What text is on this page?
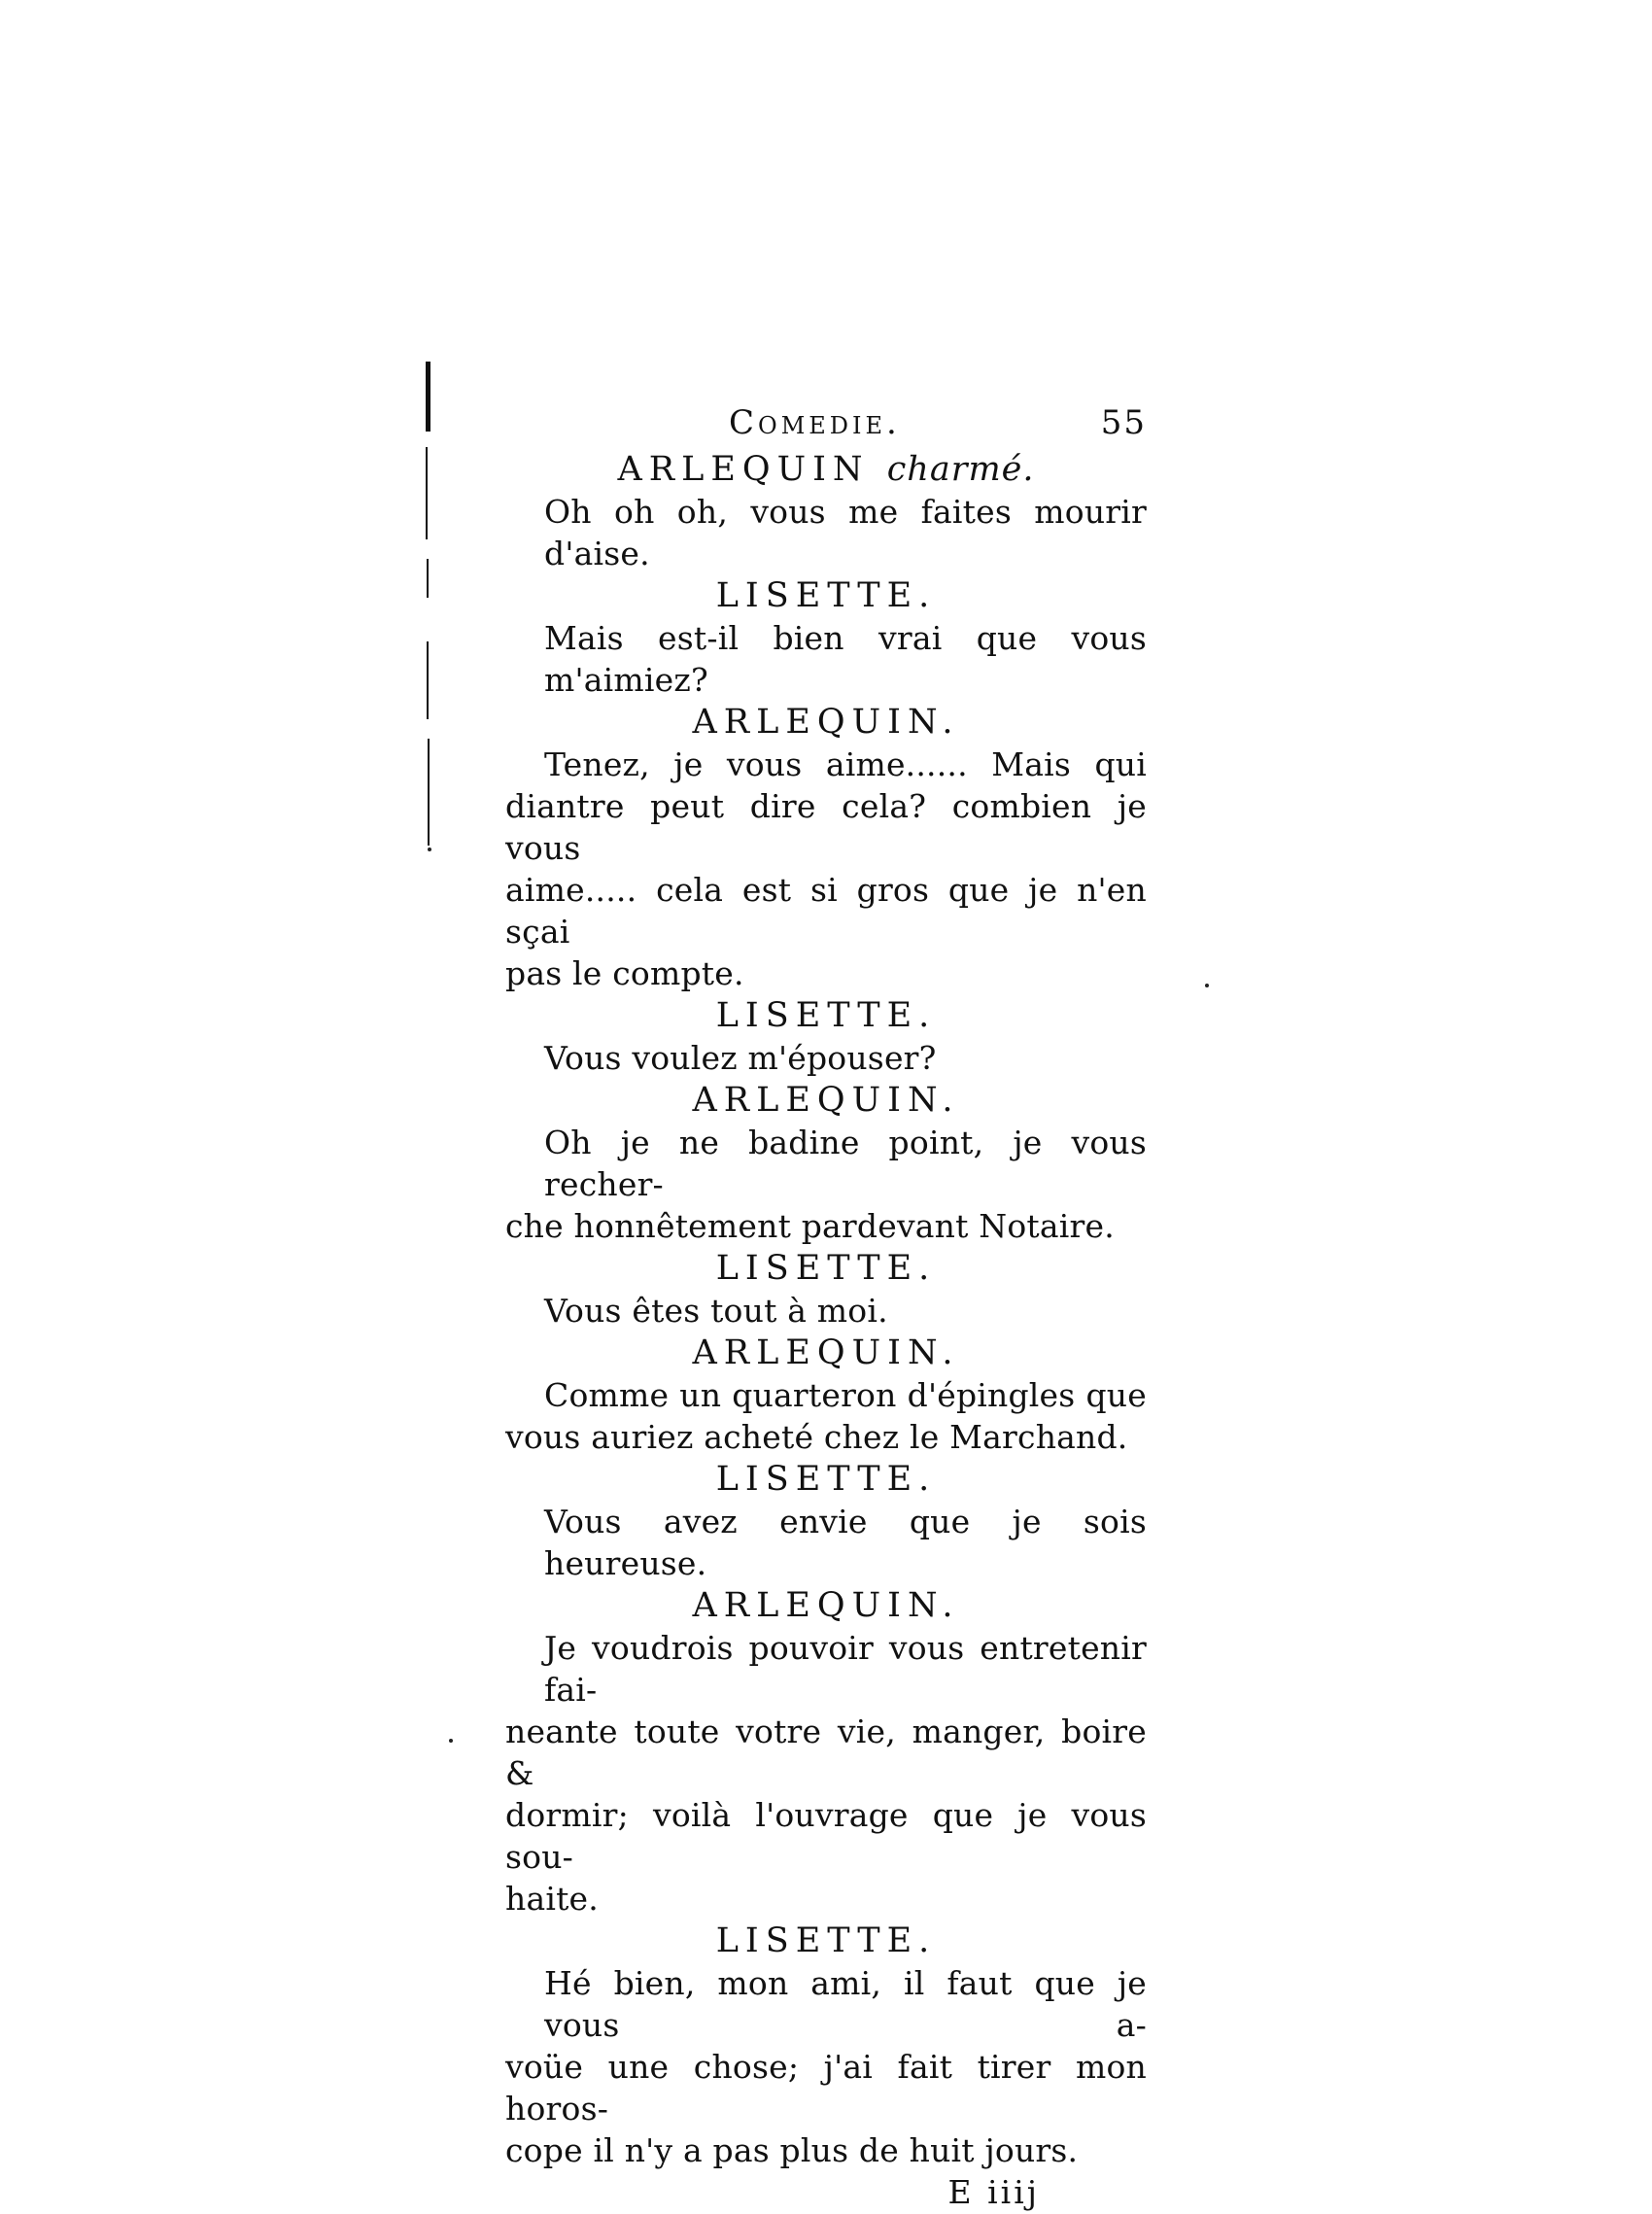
Comedie.	55
ARLEQUIN charmé.
Oh oh oh, vous me faites mourir d'aise.
LISETTE.
Mais est-il bien vrai que vous m'aimiez?
ARLEQUIN.
Tenez, je vous aime...... Mais qui
diantre peut dire cela? combien je vous
aime..... cela est si gros que je n'en sçai
pas le compte.
LISETTE.
Vous voulez m'épouser?
ARLEQUIN.
Oh je ne badine point, je vous recher-
che honnêtement pardevant Notaire.
LISETTE.
Vous êtes tout à moi.
ARLEQUIN.
Comme un quarteron d'épingles que
vous auriez acheté chez le Marchand.
LISETTE.
Vous avez envie que je sois heureuse.
ARLEQUIN.
Je voudrois pouvoir vous entretenir fai-
neante toute votre vie, manger, boire &
dormir; voilà l'ouvrage que je vous sou-
haite.
LISETTE.
Hé bien, mon ami, il faut que je vous a-
voüe une chose; j'ai fait tirer mon horos-
cope il n'y a pas plus de huit jours.
E iiij
